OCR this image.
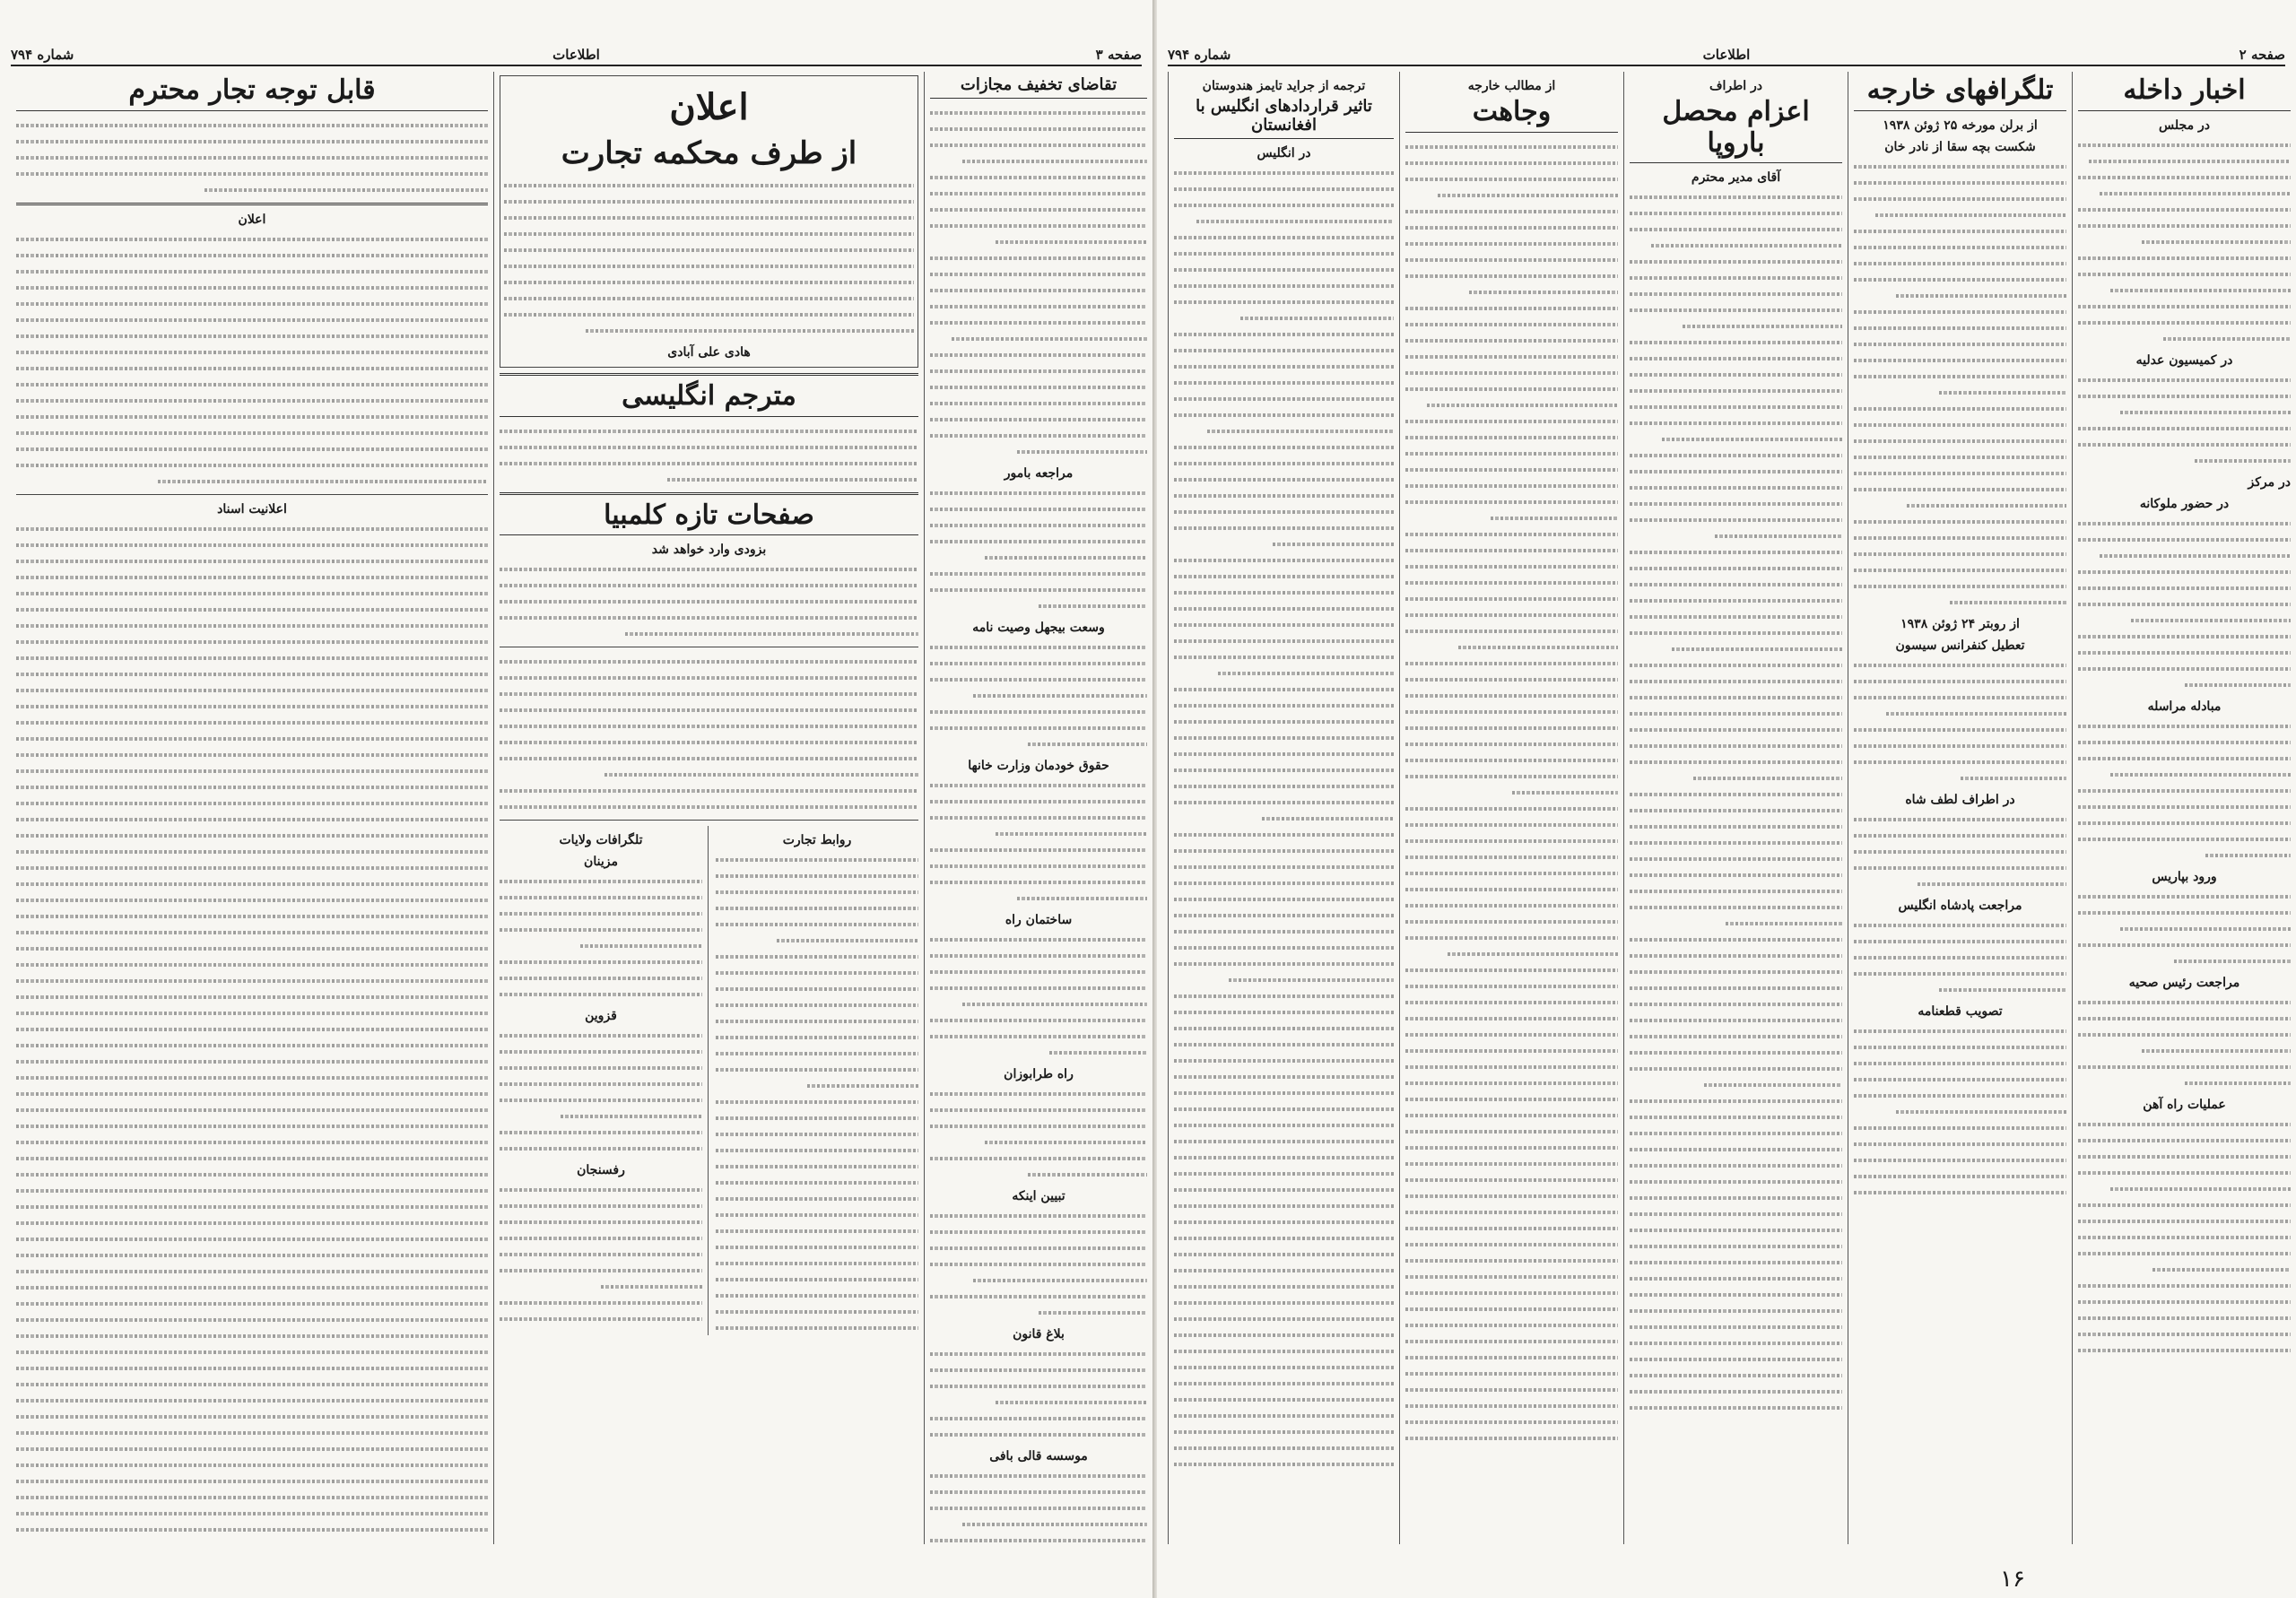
صفحه ۲
اطلاعات
شماره ۷۹۴
اخبار داخله
در مجلس
در کمیسیون عدلیه
در مرکز
در حضور ملوکانه
مبادله مراسله
ورود بپاریس
مراجعت رئیس صحیه
عملیات راه آهن
تلگرافهای خارجه
از برلن مورخه ۲۵ ژوئن ۱۹۳۸
شکست بچه سقا از نادر خان
از روبتر ۲۴ ژوئن ۱۹۳۸
تعطیل کنفرانس سیسون
در اطراف لطف شاه
مراجعت پادشاه انگلیس
تصویب قطعنامه
در اطراف
اعزام محصل باروپا
آقای مدیر محترم
از مطالب خارجه
وجاهت
ترجمه از جراید تایمز هندوستان
تاثیر قراردادهای انگلیس با افغانستان
در انگلیس
۱۶
صفحه ۳
اطلاعات
شماره ۷۹۴
تقاضای تخفیف مجازات
مراجعه بامور
وسعت بیجهل وصیت نامه
حقوق خودمان وزارت خانها
ساختمان راه
راه طرابوزان
تبیین اینکه
بلاغ قانون
موسسه قالی بافی
اعلان
از طرف محکمه تجارت
هادی علی آبادی
مترجم انگلیسی
صفحات تازه کلمبیا
بزودی وارد خواهد شد
روابط تجارت
تلگرافات ولایات
مزینان
قزوین
رفسنجان
قابل توجه تجار محترم
اعلان
اعلانیت اسناد
